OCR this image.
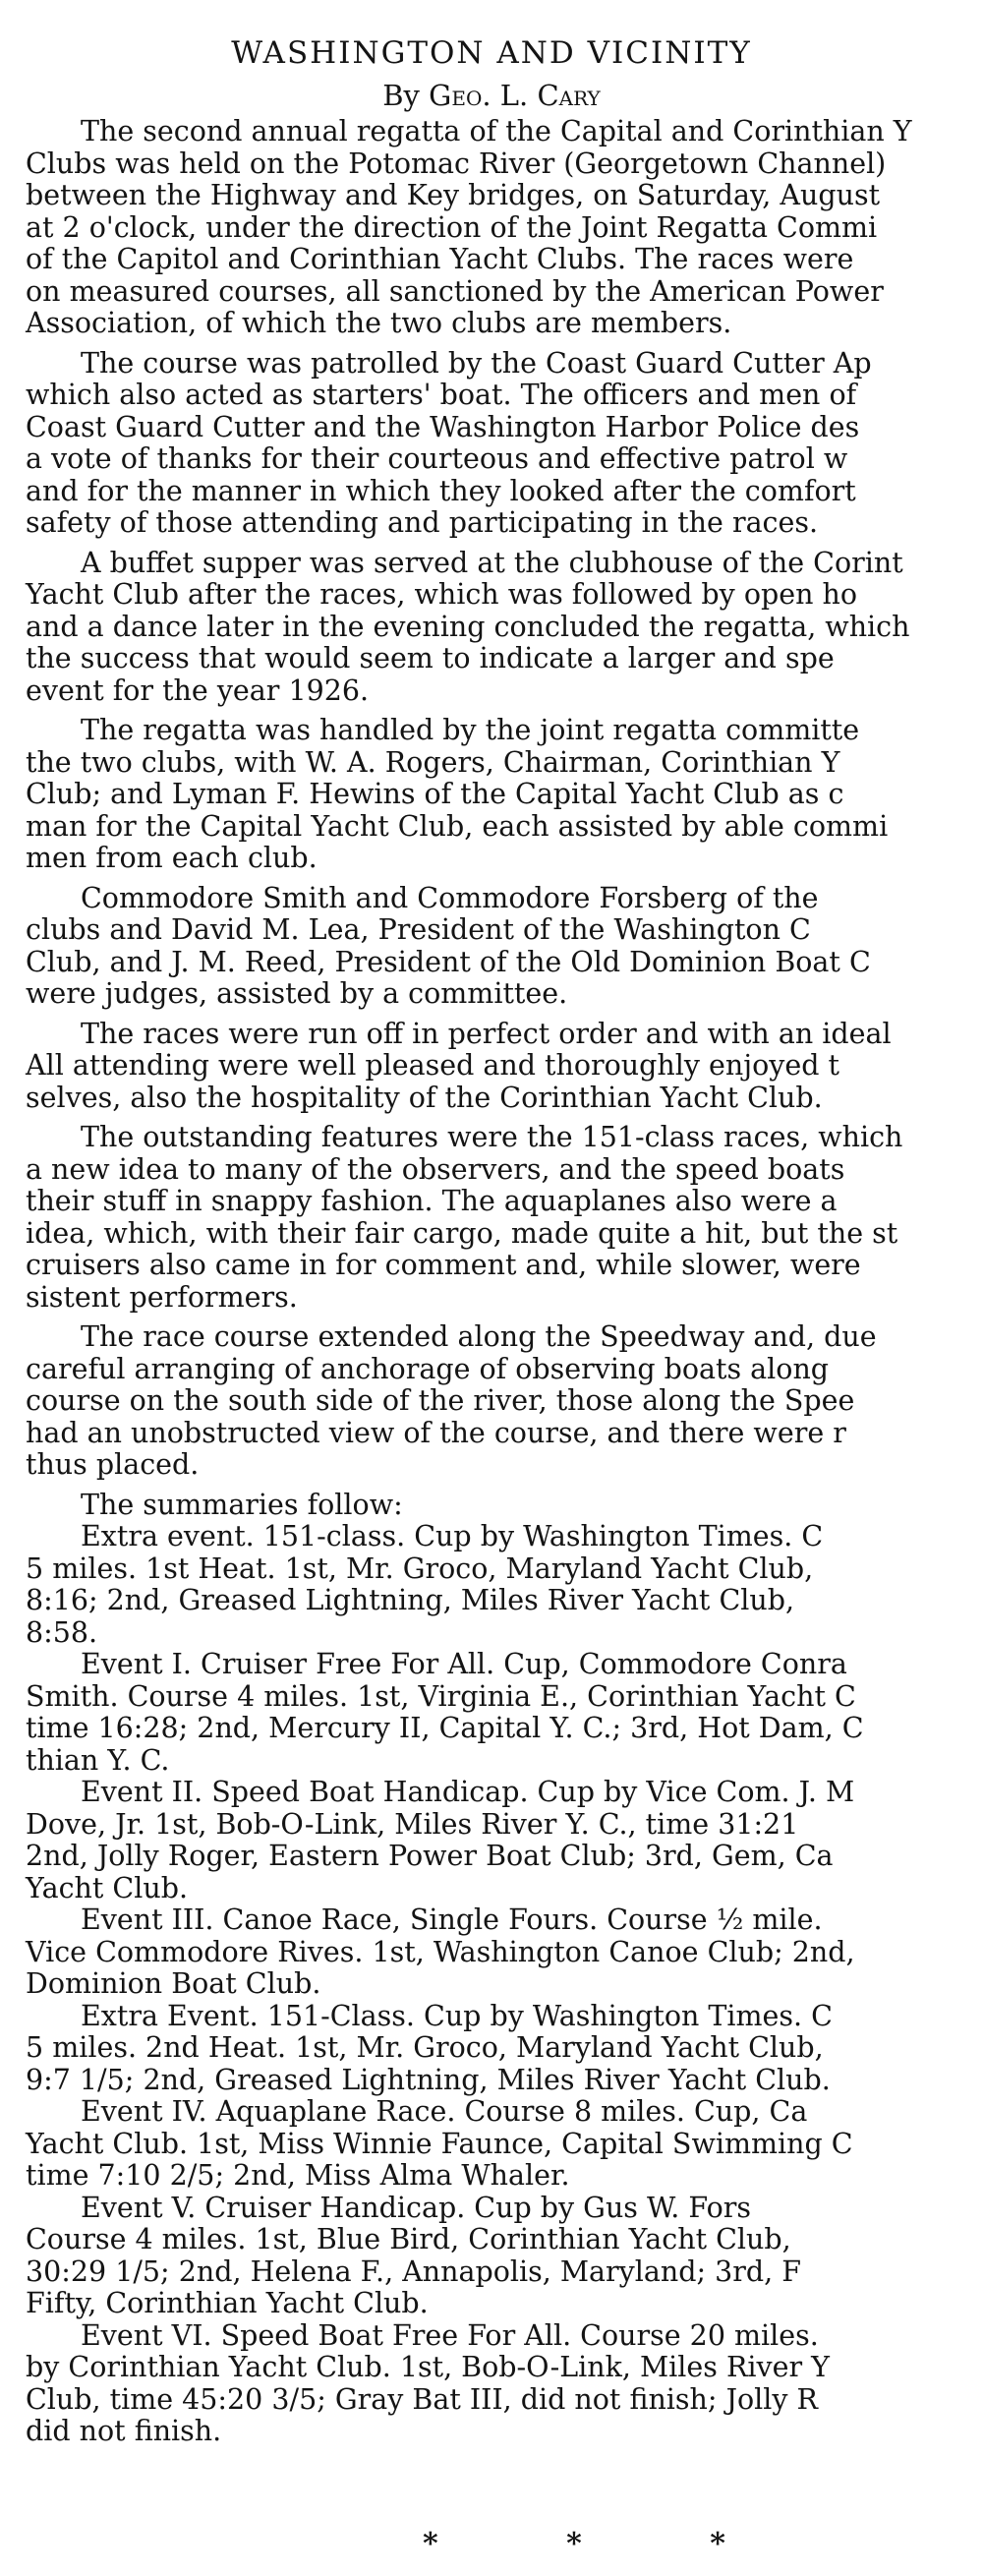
WASHINGTON AND VICINITY
By Geo. L. Cary
The second annual regatta of the Capital and Corinthian Y
Clubs was held on the Potomac River (Georgetown Channel)
between the Highway and Key bridges, on Saturday, August
at 2 o'clock, under the direction of the Joint Regatta Commi
of the Capitol and Corinthian Yacht Clubs. The races were
on measured courses, all sanctioned by the American Power
Association, of which the two clubs are members.
The course was patrolled by the Coast Guard Cutter Ap
which also acted as starters' boat. The officers and men of
Coast Guard Cutter and the Washington Harbor Police des
a vote of thanks for their courteous and effective patrol w
and for the manner in which they looked after the comfort
safety of those attending and participating in the races.
A buffet supper was served at the clubhouse of the Corint
Yacht Club after the races, which was followed by open ho
and a dance later in the evening concluded the regatta, which
the success that would seem to indicate a larger and spe
event for the year 1926.
The regatta was handled by the joint regatta committe
the two clubs, with W. A. Rogers, Chairman, Corinthian Y
Club; and Lyman F. Hewins of the Capital Yacht Club as c
man for the Capital Yacht Club, each assisted by able commi
men from each club.
Commodore Smith and Commodore Forsberg of the
clubs and David M. Lea, President of the Washington C
Club, and J. M. Reed, President of the Old Dominion Boat C
were judges, assisted by a committee.
The races were run off in perfect order and with an ideal
All attending were well pleased and thoroughly enjoyed t
selves, also the hospitality of the Corinthian Yacht Club.
The outstanding features were the 151-class races, which
a new idea to many of the observers, and the speed boats
their stuff in snappy fashion. The aquaplanes also were a
idea, which, with their fair cargo, made quite a hit, but the st
cruisers also came in for comment and, while slower, were
sistent performers.
The race course extended along the Speedway and, due
careful arranging of anchorage of observing boats along
course on the south side of the river, those along the Spee
had an unobstructed view of the course, and there were r
thus placed.
The summaries follow:
Extra event. 151-class. Cup by Washington Times. C
5 miles. 1st Heat. 1st, Mr. Groco, Maryland Yacht Club,
8:16; 2nd, Greased Lightning, Miles River Yacht Club,
8:58.
Event I. Cruiser Free For All. Cup, Commodore Conra
Smith. Course 4 miles. 1st, Virginia E., Corinthian Yacht C
time 16:28; 2nd, Mercury II, Capital Y. C.; 3rd, Hot Dam, C
thian Y. C.
Event II. Speed Boat Handicap. Cup by Vice Com. J. M
Dove, Jr. 1st, Bob-O-Link, Miles River Y. C., time 31:21
2nd, Jolly Roger, Eastern Power Boat Club; 3rd, Gem, Ca
Yacht Club.
Event III. Canoe Race, Single Fours. Course ½ mile.
Vice Commodore Rives. 1st, Washington Canoe Club; 2nd,
Dominion Boat Club.
Extra Event. 151-Class. Cup by Washington Times. C
5 miles. 2nd Heat. 1st, Mr. Groco, Maryland Yacht Club,
9:7 1/5; 2nd, Greased Lightning, Miles River Yacht Club.
Event IV. Aquaplane Race. Course 8 miles. Cup, Ca
Yacht Club. 1st, Miss Winnie Faunce, Capital Swimming C
time 7:10 2/5; 2nd, Miss Alma Whaler.
Event V. Cruiser Handicap. Cup by Gus W. Fors
Course 4 miles. 1st, Blue Bird, Corinthian Yacht Club,
30:29 1/5; 2nd, Helena F., Annapolis, Maryland; 3rd, F
Fifty, Corinthian Yacht Club.
Event VI. Speed Boat Free For All. Course 20 miles.
by Corinthian Yacht Club. 1st, Bob-O-Link, Miles River Y
Club, time 45:20 3/5; Gray Bat III, did not finish; Jolly R
did not finish.
* * *
